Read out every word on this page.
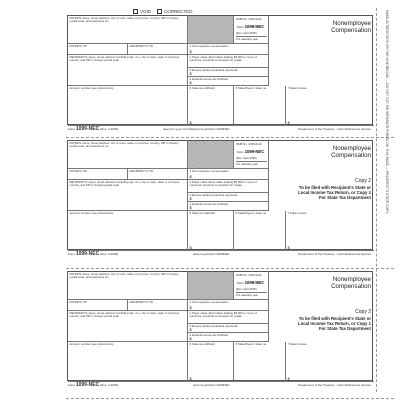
MAKE ALTERATIONS ON THE LINE BELOW — DO NOT CUT OR SEPARATE FORMS ON THIS PAGE — RECIPIENT'S STATE COPY
VOID	CORRECTED
PAYER'S name, street address, city or town, state or province, country, ZIP or foreign postal code, and telephone no.
OMB No. 1545-0116
Form 1099-NEC
(Rev. April 2025)
For calendar year
Nonemployee
Compensation
PAYER'S TIN	RECIPIENT'S TIN	1 Nonemployee compensation
$
RECIPIENT'S name, street address (including apt. no.), city or town, state or province, country, and ZIP or foreign postal code
2 Payer made direct sales totaling $5,000 or more of consumer products to recipient for resale
3 Excess golden parachute payments
$
4 Federal income tax withheld
$
Account number (see instructions)	5 State tax withheld
$
6 State/Payer's state no.	7 State income
$
Form 1099-NEC (Rev. 4-2025)	(keep for your records) www.irs.gov/Form1099NEC	Department of the Treasury - Internal Revenue Service
PAYER'S name, street address, city or town, state or province, country, ZIP or foreign postal code, and telephone no.
OMB No. 1545-0116
Form 1099-NEC
(Rev. April 2025)
For calendar year
Nonemployee
Compensation
PAYER'S TIN	RECIPIENT'S TIN	1 Nonemployee compensation
$
RECIPIENT'S name, street address (including apt. no.), city or town, state or province, country, and ZIP or foreign postal code
2 Payer made direct sales totaling $5,000 or more of consumer products to recipient for resale
3 Excess golden parachute payments
$
4 Federal income tax withheld
$
Account number (see instructions)	5 State tax withheld
$
6 State/Payer's state no.	7 State income
$
Copy 2
To be filed with Recipient's State or Local Income Tax Return, or Copy 1 For State Tax Department
Form 1099-NEC (Rev. 4-2025)	www.irs.gov/Form1099NEC	Department of the Treasury - Internal Revenue Service
PAYER'S name, street address, city or town, state or province, country, ZIP or foreign postal code, and telephone no.
OMB No. 1545-0116
Form 1099-NEC
(Rev. April 2025)
For calendar year
Nonemployee
Compensation
PAYER'S TIN	RECIPIENT'S TIN	1 Nonemployee compensation
$
RECIPIENT'S name, street address (including apt. no.), city or town, state or province, country, and ZIP or foreign postal code
2 Payer made direct sales totaling $5,000 or more of consumer products to recipient for resale
3 Excess golden parachute payments
$
4 Federal income tax withheld
$
Account number (see instructions)	5 State tax withheld
$
6 State/Payer's state no.	7 State income
$
Copy 2
To be filed with Recipient's State or Local Income Tax Return, or Copy 1 For State Tax Department
Form 1099-NEC (Rev. 4-2025)	www.irs.gov/Form1099NEC	Department of the Treasury - Internal Revenue Service
